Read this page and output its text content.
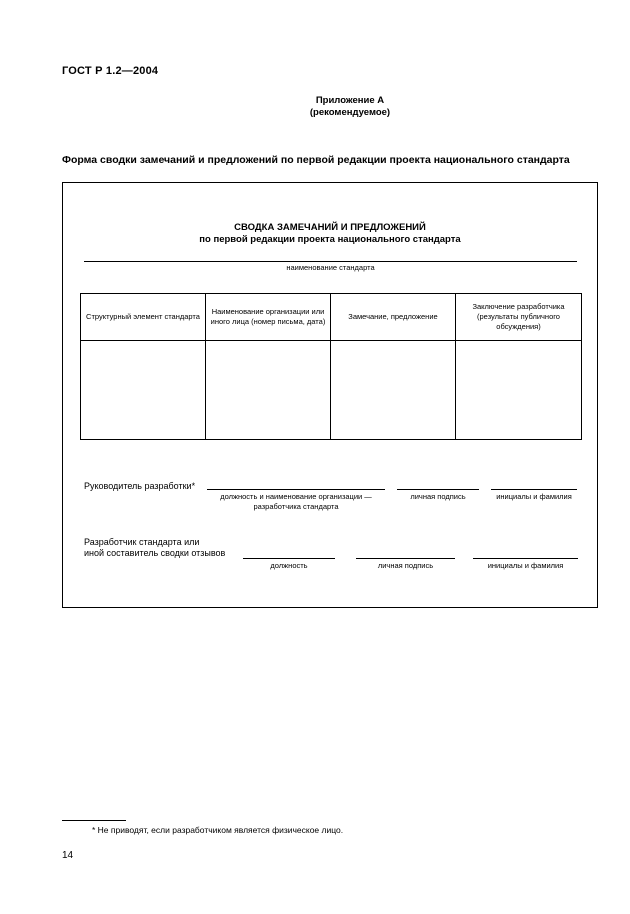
ГОСТ Р 1.2—2004
Приложение А
(рекомендуемое)
Форма сводки замечаний и предложений по первой редакции проекта национального стандарта
СВОДКА ЗАМЕЧАНИЙ И ПРЕДЛОЖЕНИЙ
по первой редакции проекта национального стандарта
наименование стандарта
Структурный элемент стандарта	Наименование организации или иного лица (номер письма, дата)	Замечание, предложение	Заключение разработчика (результаты публичного обсуждения)

Руководитель разработки*
должность и наименование организации —
разработчика стандарта
личная подпись	инициалы и фамилия
Разработчик стандарта или
иной составитель сводки отзывов
должность	личная подпись	инициалы и фамилия
* Не приводят, если разработчиком является физическое лицо.
14
